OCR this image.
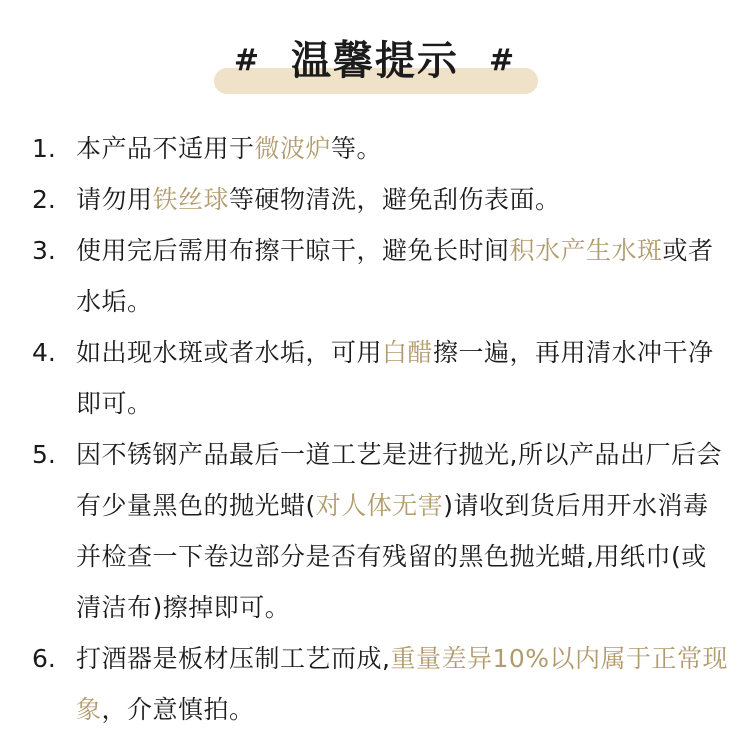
# 温馨提示 #
1. 本产品不适用于微波炉等。
2. 请勿用铁丝球等硬物清洗，避免刮伤表面。
3. 使用完后需用布擦干晾干，避免长时间积水产生水斑或者水垢。
4. 如出现水斑或者水垢，可用白醋擦一遍，再用清水冲干净即可。
5. 因不锈钢产品最后一道工艺是进行抛光,所以产品出厂后会有少量黑色的抛光蜡(对人体无害)请收到货后用开水消毒并检查一下卷边部分是否有残留的黑色抛光蜡,用纸巾(或清洁布)擦掉即可。
6. 打酒器是板材压制工艺而成,重量差异10%以内属于正常现象，介意慎拍。
